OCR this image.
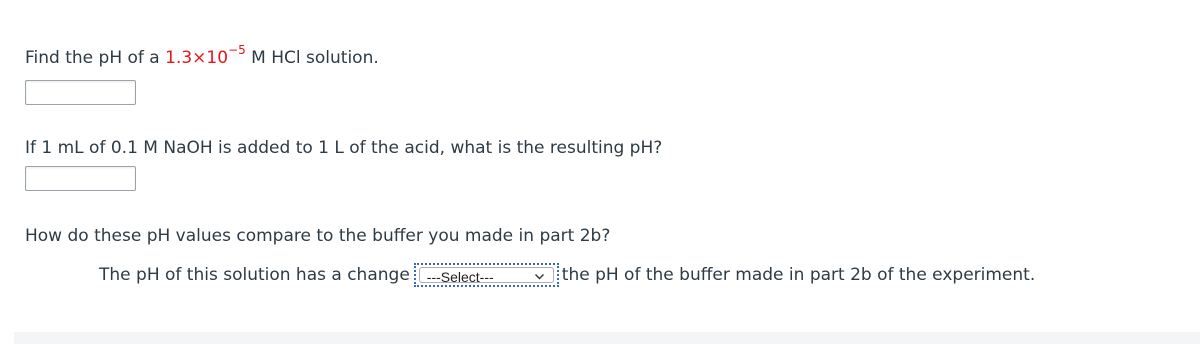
Find the pH of a $1.3\times 10^{-5}$ M HCl solution.
If 1 mL of 0.1 M NaOH is added to 1 L of the acid, what is the resulting pH?
How do these pH values compare to the buffer you made in part 2b?
The pH of this solution has a change ---Select---	the pH of the buffer made in part 2b of the experiment.
